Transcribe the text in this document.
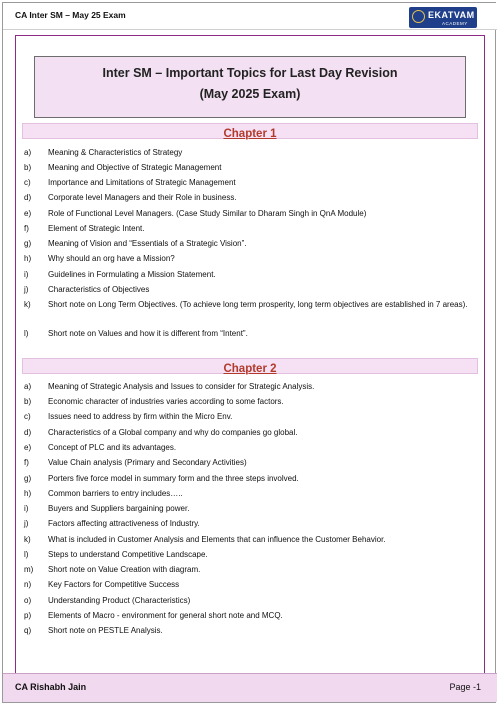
CA Inter SM – May 25 Exam	EKATVAM
ACADEMY
Inter SM – Important Topics for Last Day Revision
(May 2025 Exam)
Chapter 1
a) Meaning & Characteristics of Strategy
b) Meaning and Objective of Strategic Management
c) Importance and Limitations of Strategic Management
d) Corporate level Managers and their Role in business.
e) Role of Functional Level Managers. (Case Study Similar to Dharam Singh in QnA Module)
f) Element of Strategic Intent.
g) Meaning of Vision and “Essentials of a Strategic Vision”.
h) Why should an org have a Mission?
i) Guidelines in Formulating a Mission Statement.
j) Characteristics of Objectives
k) Short note on Long Term Objectives. (To achieve long term prosperity, long term objectives are established in 7 areas).
l) Short note on Values and how it is different from “Intent”.
Chapter 2
a) Meaning of Strategic Analysis and Issues to consider for Strategic Analysis.
b) Economic character of industries varies according to some factors.
c) Issues need to address by firm within the Micro Env.
d) Characteristics of a Global company and why do companies go global.
e) Concept of PLC and its advantages.
f) Value Chain analysis (Primary and Secondary Activities)
g) Porters five force model in summary form and the three steps involved.
h) Common barriers to entry includes…..
i) Buyers and Suppliers bargaining power.
j) Factors affecting attractiveness of Industry.
k) What is included in Customer Analysis and Elements that can influence the Customer Behavior.
l) Steps to understand Competitive Landscape.
m) Short note on Value Creation with diagram.
n) Key Factors for Competitive Success
o) Understanding Product (Characteristics)
p) Elements of Macro - environment for general short note and MCQ.
q) Short note on PESTLE Analysis.
CA Rishabh Jain	Page -1
